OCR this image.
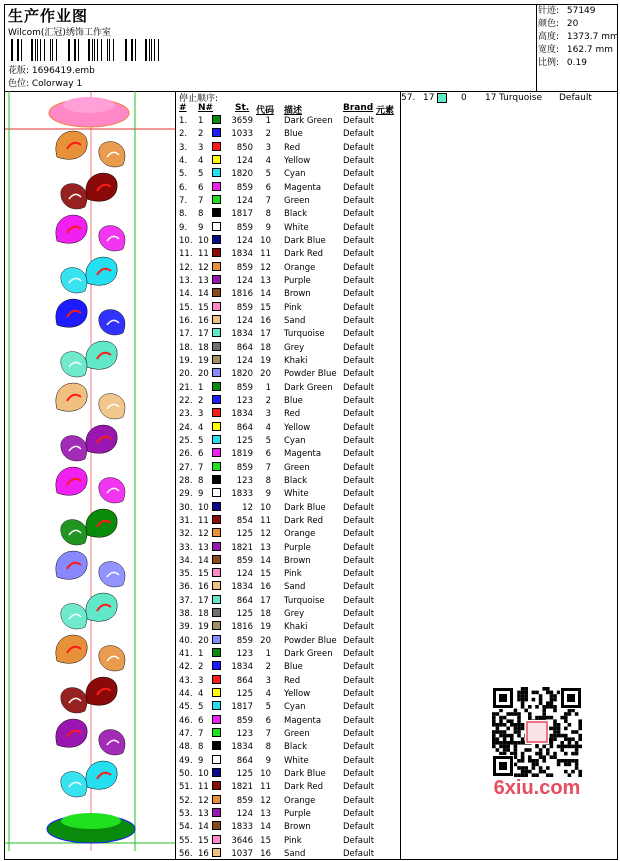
生产作业图
Wilcom(汇冠)绣饰工作室
花版: 1696419.emb
色位: Colorway 1
针迹: 57149
颜色: 20
高度: 1373.7 mm
宽度: 162.7 mm
比例: 0.19
停止顺序:
# N# St. 代码 描述	Brand 元素
1. 1	3659 1 Dark Green Default
2. 2	1033 2 Blue	Default
3. 3	850 3 Red	Default
4. 4	124 4 Yellow	Default
5. 5	1820 5 Cyan	Default
6. 6	859 6 Magenta	Default
7. 7	124 7 Green	Default
8. 8	1817 8 Black	Default
9. 9	859 9 White	Default
10. 10	124 10 Dark Blue Default
11. 11	1834 11 Dark Red Default
12. 12	859 12 Orange	Default
13. 13	124 13 Purple	Default
14. 14	1816 14 Brown	Default
15. 15	859 15 Pink	Default
16. 16	124 16 Sand	Default
17. 17	1834 17 Turquoise Default
18. 18	864 18 Grey	Default
19. 19	124 19 Khaki	Default
20. 20	1820 20 Powder Blue Default
21. 1	859 1 Dark Green Default
22. 2	123 2 Blue	Default
23. 3	1834 3 Red	Default
24. 4	864 4 Yellow	Default
25. 5	125 5 Cyan	Default
26. 6	1819 6 Magenta	Default
27. 7	859 7 Green	Default
28. 8	123 8 Black	Default
29. 9	1833 9 White	Default
30. 10	12 10 Dark Blue Default
31. 11	854 11 Dark Red Default
32. 12	125 12 Orange	Default
33. 13	1821 13 Purple	Default
34. 14	859 14 Brown	Default
35. 15	124 15 Pink	Default
36. 16	1834 16 Sand	Default
37. 17	864 17 Turquoise Default
38. 18	125 18 Grey	Default
39. 19	1816 19 Khaki	Default
40. 20	859 20 Powder Blue Default
41. 1	123 1 Dark Green Default
42. 2	1834 2 Blue	Default
43. 3	864 3 Red	Default
44. 4	125 4 Yellow	Default
45. 5	1817 5 Cyan	Default
46. 6	859 6 Magenta	Default
47. 7	123 7 Green	Default
48. 8	1834 8 Black	Default
49. 9	864 9 White	Default
50. 10	125 10 Dark Blue Default
51. 11	1821 11 Dark Red Default
52. 12	859 12 Orange	Default
53. 13	124 13 Purple	Default
54. 14	1833 14 Brown	Default
55. 15	3646 15 Pink	Default
56. 16	1037 16 Sand	Default
57. 17	0 17 Turquoise Default
6xiu.com
